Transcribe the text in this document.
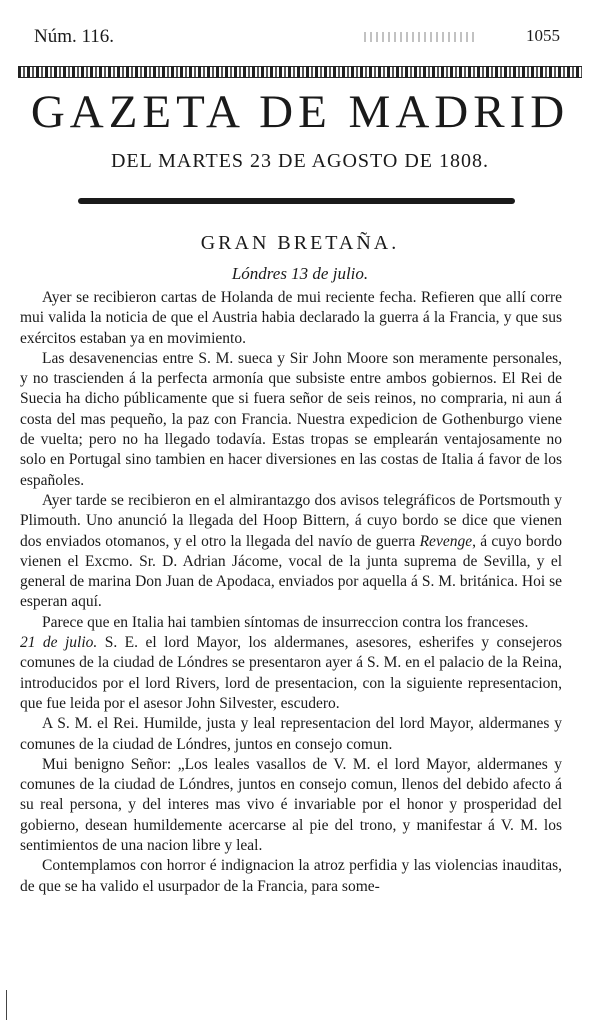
Núm. 116.	1055
GAZETA DE MADRID
DEL MARTES 23 DE AGOSTO DE 1808.
GRAN BRETAÑA.
Lóndres 13 de julio.

Ayer se recibieron cartas de Holanda de mui reciente fecha. Refieren que allí corre mui valida la noticia de que el Austria habia declarado la guerra á la Francia, y que sus exércitos estaban ya en movimiento.

Las desavenencias entre S. M. sueca y Sir John Moore son meramente personales, y no trascienden á la perfecta armonía que subsiste entre ambos gobiernos. El Rei de Suecia ha dicho públicamente que si fuera señor de seis reinos, no compraria, ni aun á costa del mas pequeño, la paz con Francia. Nuestra expedicion de Gothenburgo viene de vuelta; pero no ha llegado todavía. Estas tropas se emplearán ventajosamente no solo en Portugal sino tambien en hacer diversiones en las costas de Italia á favor de los españoles.

Ayer tarde se recibieron en el almirantazgo dos avisos telegráficos de Portsmouth y Plimouth. Uno anunció la llegada del Hoop Bittern, á cuyo bordo se dice que vienen dos enviados otomanos, y el otro la llegada del navío de guerra Revenge, á cuyo bordo vienen el Excmo. Sr. D. Adrian Jácome, vocal de la junta suprema de Sevilla, y el general de marina Don Juan de Apodaca, enviados por aquella á S. M. británica. Hoi se esperan aquí.

Parece que en Italia hai tambien síntomas de insurreccion contra los franceses.

21 de julio. S. E. el lord Mayor, los aldermanes, asesores, esherifes y consejeros comunes de la ciudad de Lóndres se presentaron ayer á S. M. en el palacio de la Reina, introducidos por el lord Rivers, lord de presentacion, con la siguiente representacion, que fue leida por el asesor John Silvester, escudero.

A S. M. el Rei. Humilde, justa y leal representacion del lord Mayor, aldermanes y comunes de la ciudad de Lóndres, juntos en consejo comun.

Mui benigno Señor: „Los leales vasallos de V. M. el lord Mayor, aldermanes y comunes de la ciudad de Lóndres, juntos en consejo comun, llenos del debido afecto á su real persona, y del interes mas vivo é invariable por el honor y prosperidad del gobierno, desean humildemente acercarse al pie del trono, y manifestar á V. M. los sentimientos de una nacion libre y leal.

Contemplamos con horror é indignacion la atroz perfidia y las violencias inauditas, de que se ha valido el usurpador de la Francia, para some-
